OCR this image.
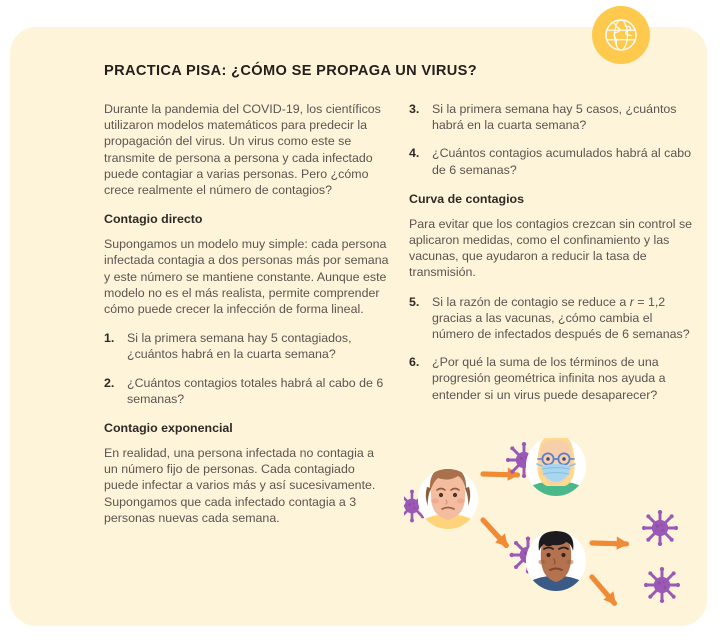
PRACTICA PISA: ¿CÓMO SE PROPAGA UN VIRUS?

Durante la pandemia del COVID-19, los científicos utilizaron modelos matemáticos para predecir la propagación del virus. Un virus como este se transmite de persona a persona y cada infectado puede contagiar a varias personas. Pero ¿cómo crece realmente el número de contagios?

Contagio directo

Supongamos un modelo muy simple: cada persona infectada contagia a dos personas más por semana y este número se mantiene constante. Aunque este modelo no es el más realista, permite comprender cómo puede crecer la infección de forma lineal.

1. Si la primera semana hay 5 contagiados, ¿cuántos habrá en la cuarta semana?
2. ¿Cuántos contagios totales habrá al cabo de 6 semanas?
Contagio exponencial

En realidad, una persona infectada no contagia a un número fijo de personas. Cada contagiado puede infectar a varios más y así sucesivamente. Supongamos que cada infectado contagia a 3 personas nuevas cada semana.

3. Si la primera semana hay 5 casos, ¿cuántos habrá en la cuarta semana?
4. ¿Cuántos contagios acumulados habrá al cabo de 6 semanas?
Curva de contagios

Para evitar que los contagios crezcan sin control se aplicaron medidas, como el confinamiento y las vacunas, que ayudaron a reducir la tasa de transmisión.

5. Si la razón de contagio se reduce a r = 1,2 gracias a las vacunas, ¿cómo cambia el número de infectados después de 6 semanas?
6. ¿Por qué la suma de los términos de una progresión geométrica infinita nos ayuda a entender si un virus puede desaparecer?
